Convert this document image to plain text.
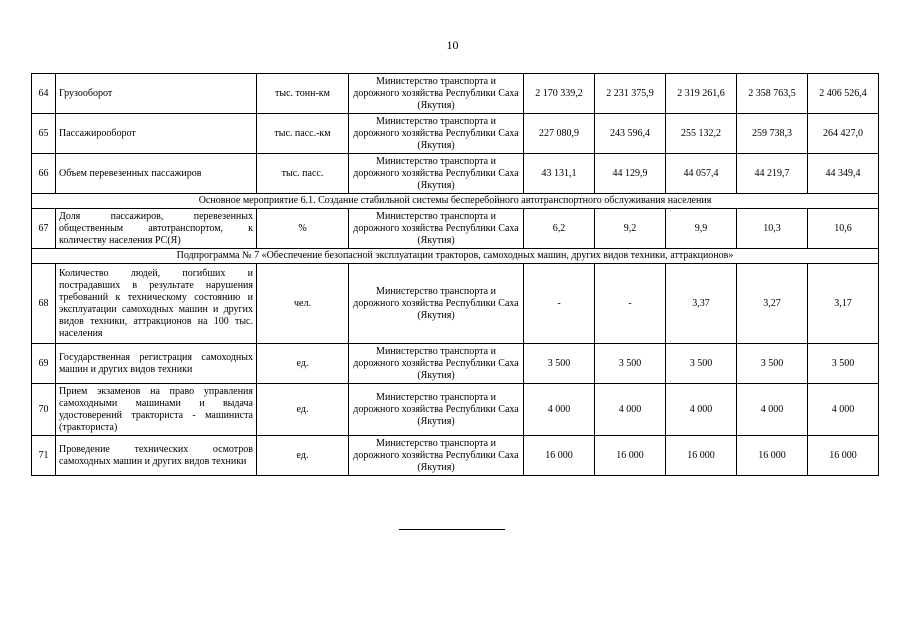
10
64	Грузооборот	тыс. тонн-км	Министерство транспорта и дорожного хозяйства Республики Саха (Якутия)	2 170 339,2	2 231 375,9	2 319 261,6	2 358 763,5	2 406 526,4
65	Пассажирооборот	тыс. пасс.-км	Министерство транспорта и дорожного хозяйства Республики Саха (Якутия)	227 080,9	243 596,4	255 132,2	259 738,3	264 427,0
66	Объем перевезенных пассажиров	тыс. пасс.	Министерство транспорта и дорожного хозяйства Республики Саха (Якутия)	43 131,1	44 129,9	44 057,4	44 219,7	44 349,4
Основное мероприятие 6.1. Создание стабильной системы бесперебойного автотранспортного обслуживания населения								
67	Доля пассажиров, перевезенных общественным автотранспортом, к количеству населения РС(Я)	%	Министерство транспорта и дорожного хозяйства Республики Саха (Якутия)	6,2	9,2	9,9	10,3	10,6
Подпрограмма № 7 «Обеспечение безопасной эксплуатации тракторов, самоходных машин, других видов техники, аттракционов»								
68	Количество людей, погибших и пострадавших в результате нарушения требований к техническому состоянию и эксплуатации самоходных машин и других видов техники, аттракционов на 100 тыс. населения	чел.	Министерство транспорта и дорожного хозяйства Республики Саха (Якутия)	-	-	3,37	3,27	3,17
69	Государственная регистрация самоходных машин и других видов техники	ед.	Министерство транспорта и дорожного хозяйства Республики Саха (Якутия)	3 500	3 500	3 500	3 500	3 500
70	Прием экзаменов на право управления самоходными машинами и выдача удостоверений тракториста - машиниста (тракториста)	ед.	Министерство транспорта и дорожного хозяйства Республики Саха (Якутия)	4 000	4 000	4 000	4 000	4 000
71	Проведение технических осмотров самоходных машин и других видов техники	ед.	Министерство транспорта и дорожного хозяйства Республики Саха (Якутия)	16 000	16 000	16 000	16 000	16 000
